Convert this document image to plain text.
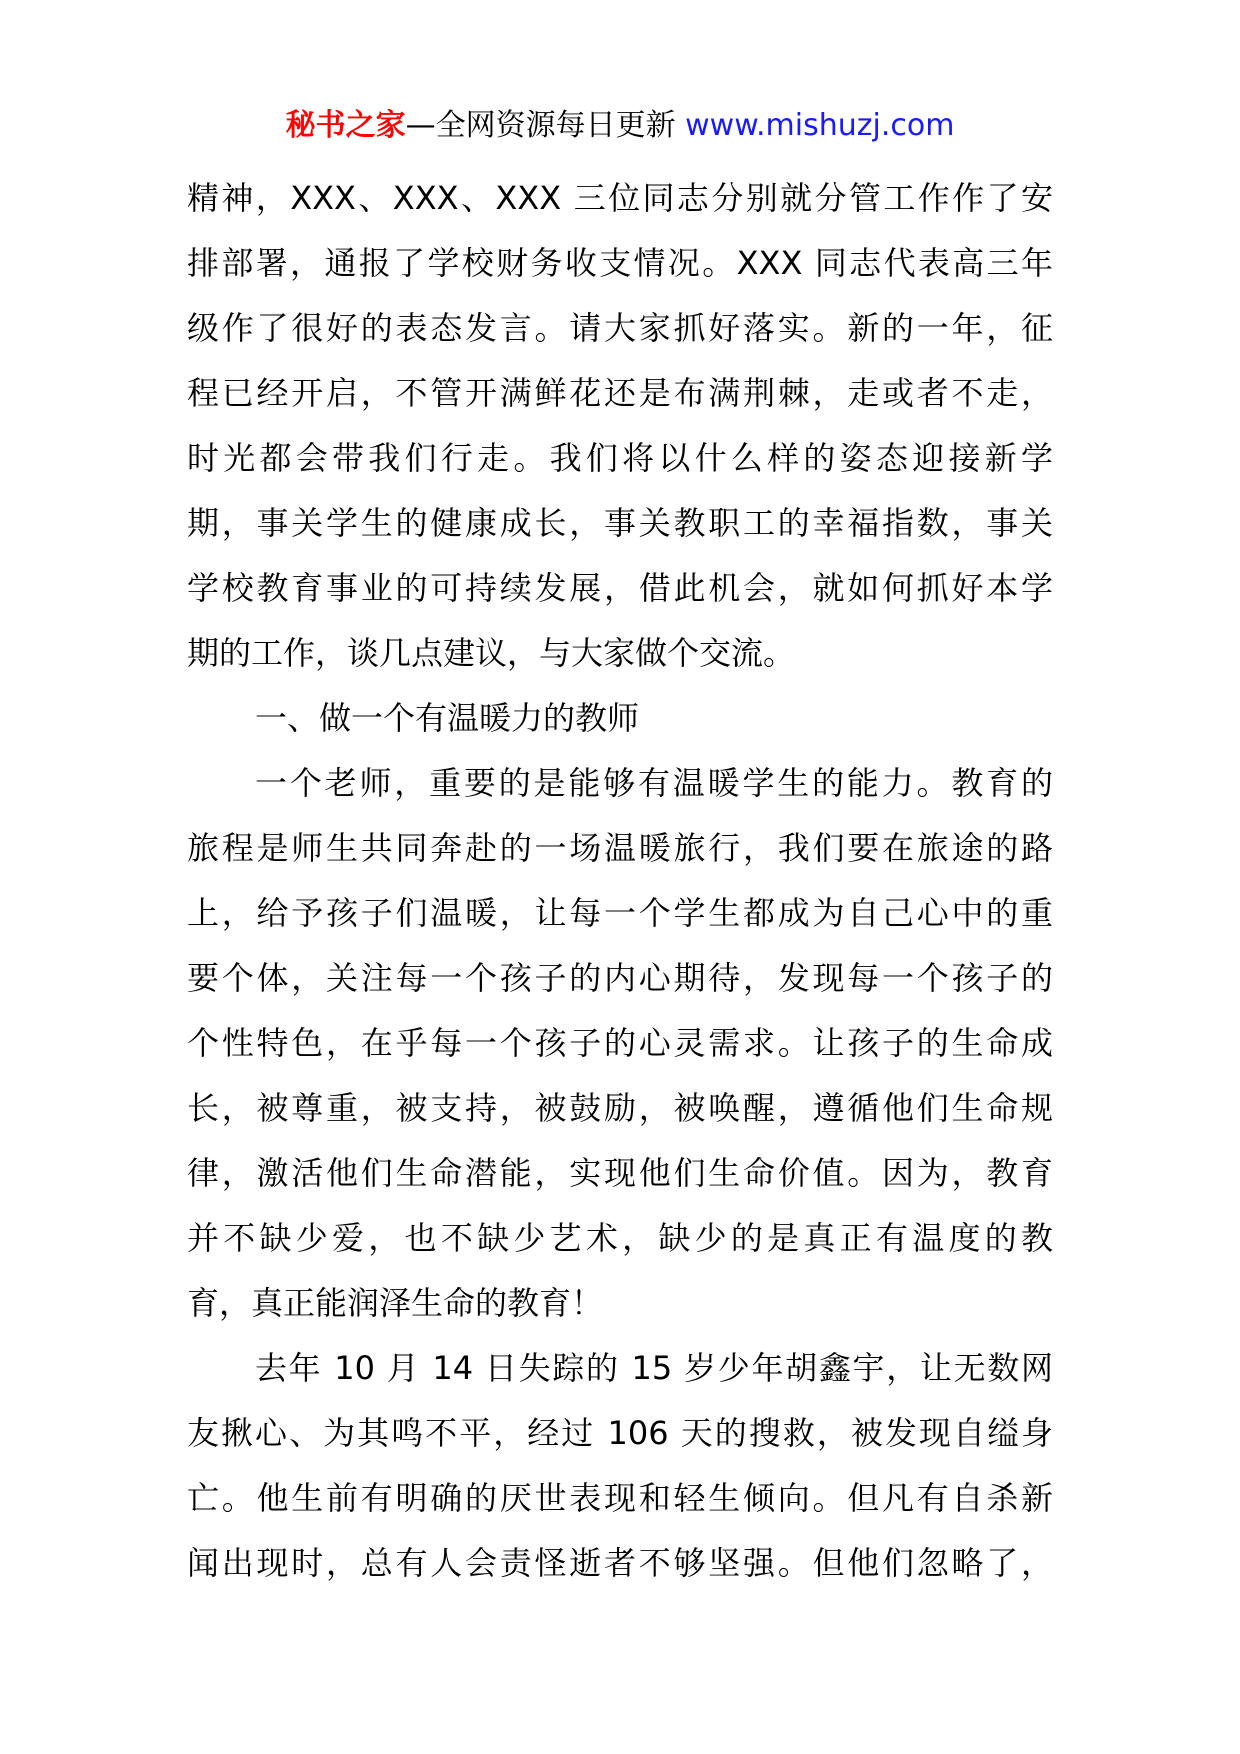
秘书之家—全网资源每日更新 www.mishuzj.com
精神，XXX、XXX、XXX 三位同志分别就分管工作作了安
排部署，通报了学校财务收支情况。XXX 同志代表高三年
级作了很好的表态发言。请大家抓好落实。新的一年，征
程已经开启，不管开满鲜花还是布满荆棘，走或者不走，
时光都会带我们行走。我们将以什么样的姿态迎接新学
期，事关学生的健康成长，事关教职工的幸福指数，事关
学校教育事业的可持续发展，借此机会，就如何抓好本学
期的工作，谈几点建议，与大家做个交流。
一、做一个有温暖力的教师
一个老师，重要的是能够有温暖学生的能力。教育的
旅程是师生共同奔赴的一场温暖旅行，我们要在旅途的路
上，给予孩子们温暖，让每一个学生都成为自己心中的重
要个体，关注每一个孩子的内心期待，发现每一个孩子的
个性特色，在乎每一个孩子的心灵需求。让孩子的生命成
长，被尊重，被支持，被鼓励，被唤醒，遵循他们生命规
律，激活他们生命潜能，实现他们生命价值。因为，教育
并不缺少爱，也不缺少艺术，缺少的是真正有温度的教
育，真正能润泽生命的教育！
去年 10 月 14 日失踪的 15 岁少年胡鑫宇，让无数网
友揪心、为其鸣不平，经过 106 天的搜救，被发现自缢身
亡。他生前有明确的厌世表现和轻生倾向。但凡有自杀新
闻出现时，总有人会责怪逝者不够坚强。但他们忽略了，
